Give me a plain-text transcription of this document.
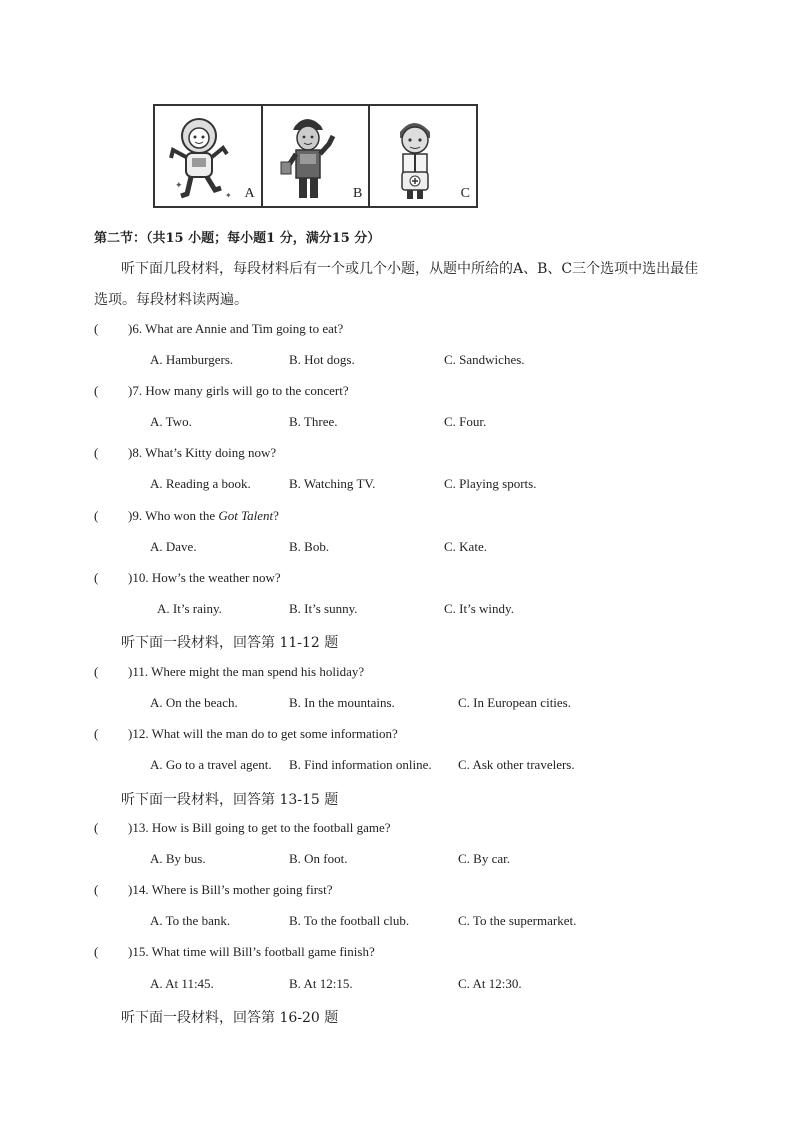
✦
✦ A	B	C
第二节：（共15 小题；每小题1 分，满分15 分）
听下面几段材料，每段材料后有一个或几个小题，从题中所给的A、B、C三个选项中选出最佳
选项。每段材料读两遍。
( )6. What are Annie and Tim going to eat?
A. Hamburgers.	B. Hot dogs.	C. Sandwiches.
( )7. How many girls will go to the concert?
A. Two.	B. Three.	C. Four.
( )8. What’s Kitty doing now?
A. Reading a book.	B. Watching TV.	C. Playing sports.
( )9. Who won the Got Talent?
A. Dave.	B. Bob.	C. Kate.
( )10. How’s the weather now?
A. It’s rainy.	B. It’s sunny.	C. It’s windy.
听下面一段材料，回答第 11-12 题
( )11. Where might the man spend his holiday?
A. On the beach.	B. In the mountains.	C. In European cities.
( )12. What will the man do to get some information?
A. Go to a travel agent. B. Find information online. C. Ask other travelers.
听下面一段材料，回答第 13-15 题
( )13. How is Bill going to get to the football game?
A. By bus.	B. On foot.	C. By car.
( )14. Where is Bill’s mother going first?
A. To the bank.	B. To the football club.	C. To the supermarket.
( )15. What time will Bill’s football game finish?
A. At 11:45.	B. At 12:15.	C. At 12:30.
听下面一段材料，回答第 16-20 题
